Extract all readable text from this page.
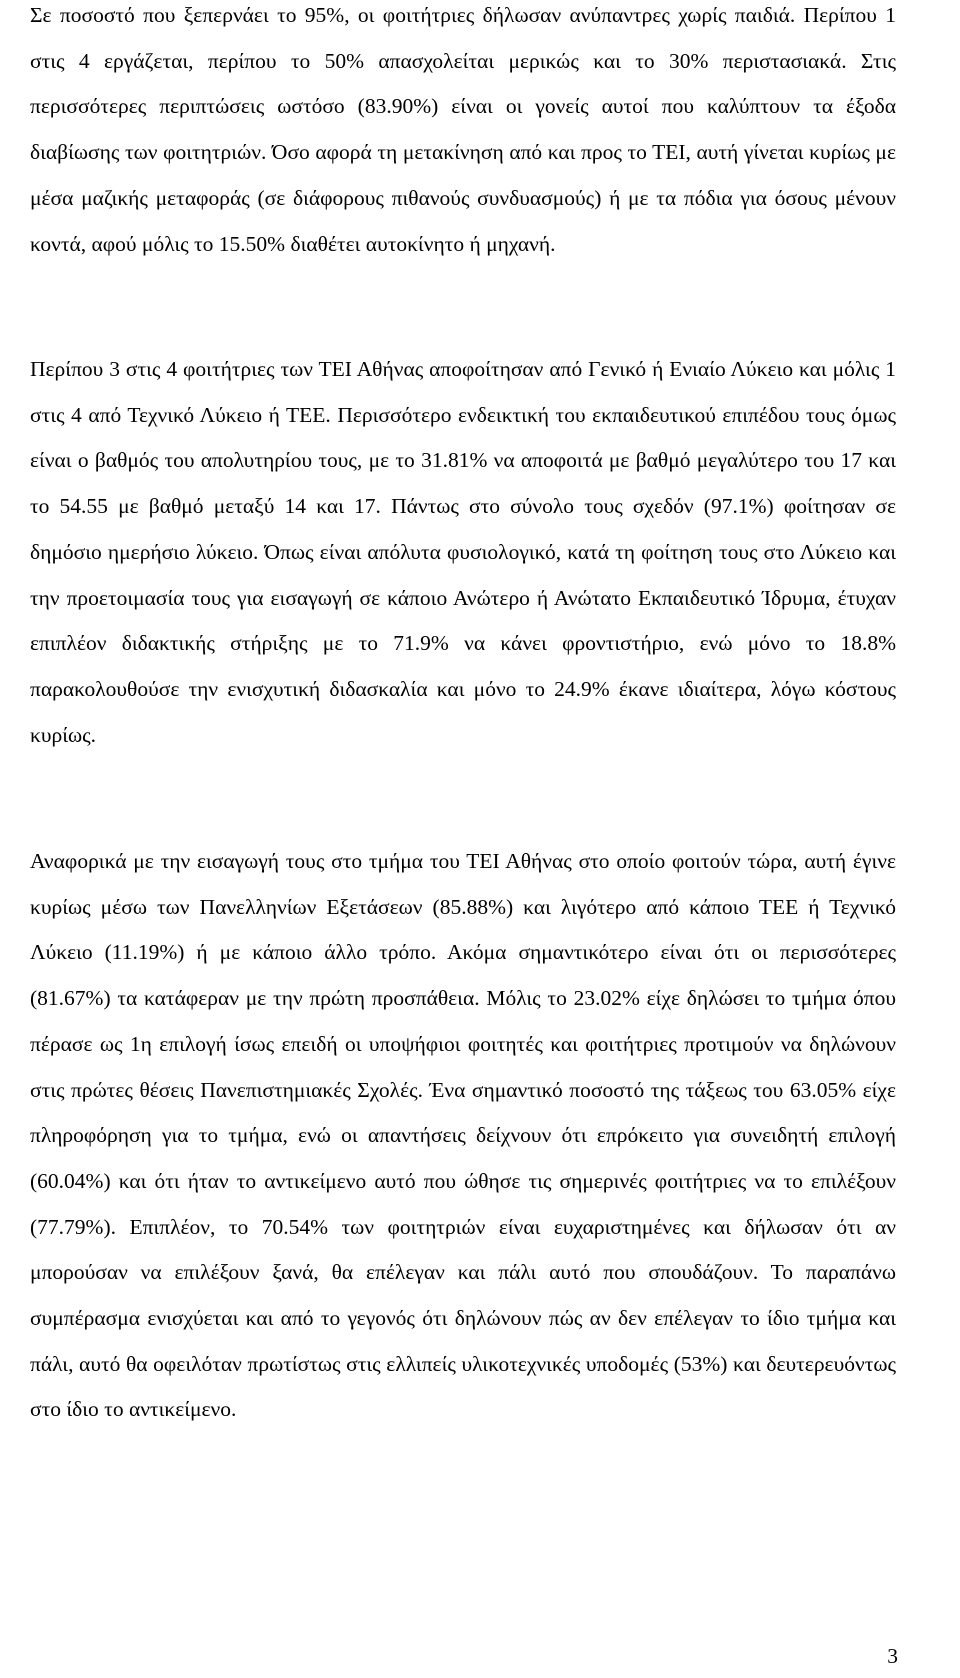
Σε ποσοστό που ξεπερνάει το 95%, οι φοιτήτριες δήλωσαν ανύπαντρες χωρίς παιδιά. Περίπου 1 στις 4 εργάζεται, περίπου το 50% απασχολείται μερικώς και το 30% περιστασιακά. Στις περισσότερες περιπτώσεις ωστόσο (83.90%) είναι οι γονείς αυτοί που καλύπτουν τα έξοδα διαβίωσης των φοιτητριών. Όσο αφορά τη μετακίνηση από και προς το ΤΕΙ, αυτή γίνεται κυρίως με μέσα μαζικής μεταφοράς (σε διάφορους πιθανούς συνδυασμούς) ή με τα πόδια για όσους μένουν κοντά, αφού μόλις το 15.50% διαθέτει αυτοκίνητο ή μηχανή.

Περίπου 3 στις 4 φοιτήτριες των ΤΕΙ Αθήνας αποφοίτησαν από Γενικό ή Ενιαίο Λύκειο και μόλις 1 στις 4 από Τεχνικό Λύκειο ή ΤΕΕ. Περισσότερο ενδεικτική του εκπαιδευτικού επιπέδου τους όμως είναι ο βαθμός του απολυτηρίου τους, με το 31.81% να αποφοιτά με βαθμό μεγαλύτερο του 17 και το 54.55 με βαθμό μεταξύ 14 και 17. Πάντως στο σύνολο τους σχεδόν (97.1%) φοίτησαν σε δημόσιο ημερήσιο λύκειο. Όπως είναι απόλυτα φυσιολογικό, κατά τη φοίτηση τους στο Λύκειο και την προετοιμασία τους για εισαγωγή σε κάποιο Ανώτερο ή Ανώτατο Εκπαιδευτικό Ίδρυμα, έτυχαν επιπλέον διδακτικής στήριξης με το 71.9% να κάνει φροντιστήριο, ενώ μόνο το 18.8% παρακολουθούσε την ενισχυτική διδασκαλία και μόνο το 24.9% έκανε ιδιαίτερα, λόγω κόστους κυρίως.

Αναφορικά με την εισαγωγή τους στο τμήμα του ΤΕΙ Αθήνας στο οποίο φοιτούν τώρα, αυτή έγινε κυρίως μέσω των Πανελληνίων Εξετάσεων (85.88%) και λιγότερο από κάποιο ΤΕΕ ή Τεχνικό Λύκειο (11.19%) ή με κάποιο άλλο τρόπο. Ακόμα σημαντικότερο είναι ότι οι περισσότερες (81.67%) τα κατάφεραν με την πρώτη προσπάθεια. Μόλις το 23.02% είχε δηλώσει το τμήμα όπου πέρασε ως 1η επιλογή ίσως επειδή οι υποψήφιοι φοιτητές και φοιτήτριες προτιμούν να δηλώνουν στις πρώτες θέσεις Πανεπιστημιακές Σχολές. Ένα σημαντικό ποσοστό της τάξεως του 63.05% είχε πληροφόρηση για το τμήμα, ενώ οι απαντήσεις δείχνουν ότι επρόκειτο για συνειδητή επιλογή (60.04%) και ότι ήταν το αντικείμενο αυτό που ώθησε τις σημερινές φοιτήτριες να το επιλέξουν (77.79%). Επιπλέον, το 70.54% των φοιτητριών είναι ευχαριστημένες και δήλωσαν ότι αν μπορούσαν να επιλέξουν ξανά, θα επέλεγαν και πάλι αυτό που σπουδάζουν. Το παραπάνω συμπέρασμα ενισχύεται και από το γεγονός ότι δηλώνουν πώς αν δεν επέλεγαν το ίδιο τμήμα και πάλι, αυτό θα οφειλόταν πρωτίστως στις ελλιπείς υλικοτεχνικές υποδομές (53%) και δευτερευόντως στο ίδιο το αντικείμενο.

3
